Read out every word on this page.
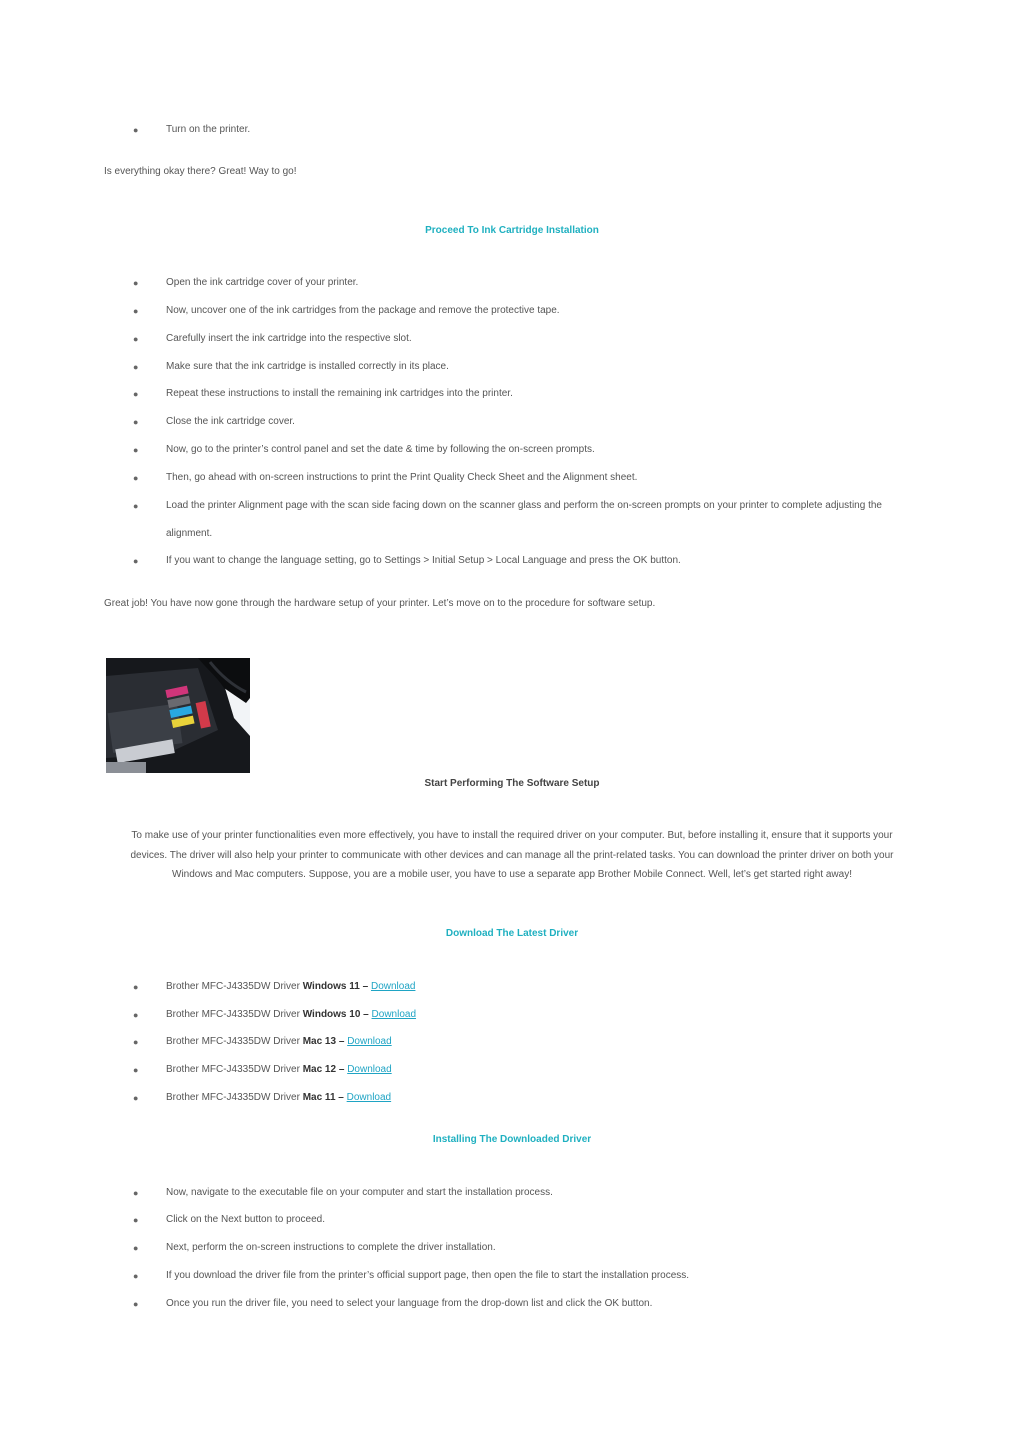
●	Turn on the printer.
Is everything okay there? Great! Way to go!
Proceed To Ink Cartridge Installation
●	Open the ink cartridge cover of your printer.
●	Now, uncover one of the ink cartridges from the package and remove the protective tape.
●	Carefully insert the ink cartridge into the respective slot.
●	Make sure that the ink cartridge is installed correctly in its place.
●	Repeat these instructions to install the remaining ink cartridges into the printer.
●	Close the ink cartridge cover.
●	Now, go to the printer’s control panel and set the date & time by following the on-screen prompts.
●	Then, go ahead with on-screen instructions to print the Print Quality Check Sheet and the Alignment sheet.
●	Load the printer Alignment page with the scan side facing down on the scanner glass and perform the on-screen prompts on your printer to complete adjusting the alignment.
●	If you want to change the language setting, go to Settings > Initial Setup > Local Language and press the OK button.
Great job! You have now gone through the hardware setup of your printer. Let’s move on to the procedure for software setup.
Start Performing The Software Setup
To make use of your printer functionalities even more effectively, you have to install the required driver on your computer. But, before installing it, ensure that it supports your devices. The driver will also help your printer to communicate with other devices and can manage all the print-related tasks. You can download the printer driver on both your Windows and Mac computers. Suppose, you are a mobile user, you have to use a separate app Brother Mobile Connect. Well, let’s get started right away!
Download The Latest Driver
●	Brother MFC-J4335DW Driver Windows 11 – Download
●	Brother MFC-J4335DW Driver Windows 10 – Download
●	Brother MFC-J4335DW Driver Mac 13 – Download
●	Brother MFC-J4335DW Driver Mac 12 – Download
●	Brother MFC-J4335DW Driver Mac 11 – Download
Installing The Downloaded Driver
●	Now, navigate to the executable file on your computer and start the installation process.
●	Click on the Next button to proceed.
●	Next, perform the on-screen instructions to complete the driver installation.
●	If you download the driver file from the printer’s official support page, then open the file to start the installation process.
●	Once you run the driver file, you need to select your language from the drop-down list and click the OK button.
